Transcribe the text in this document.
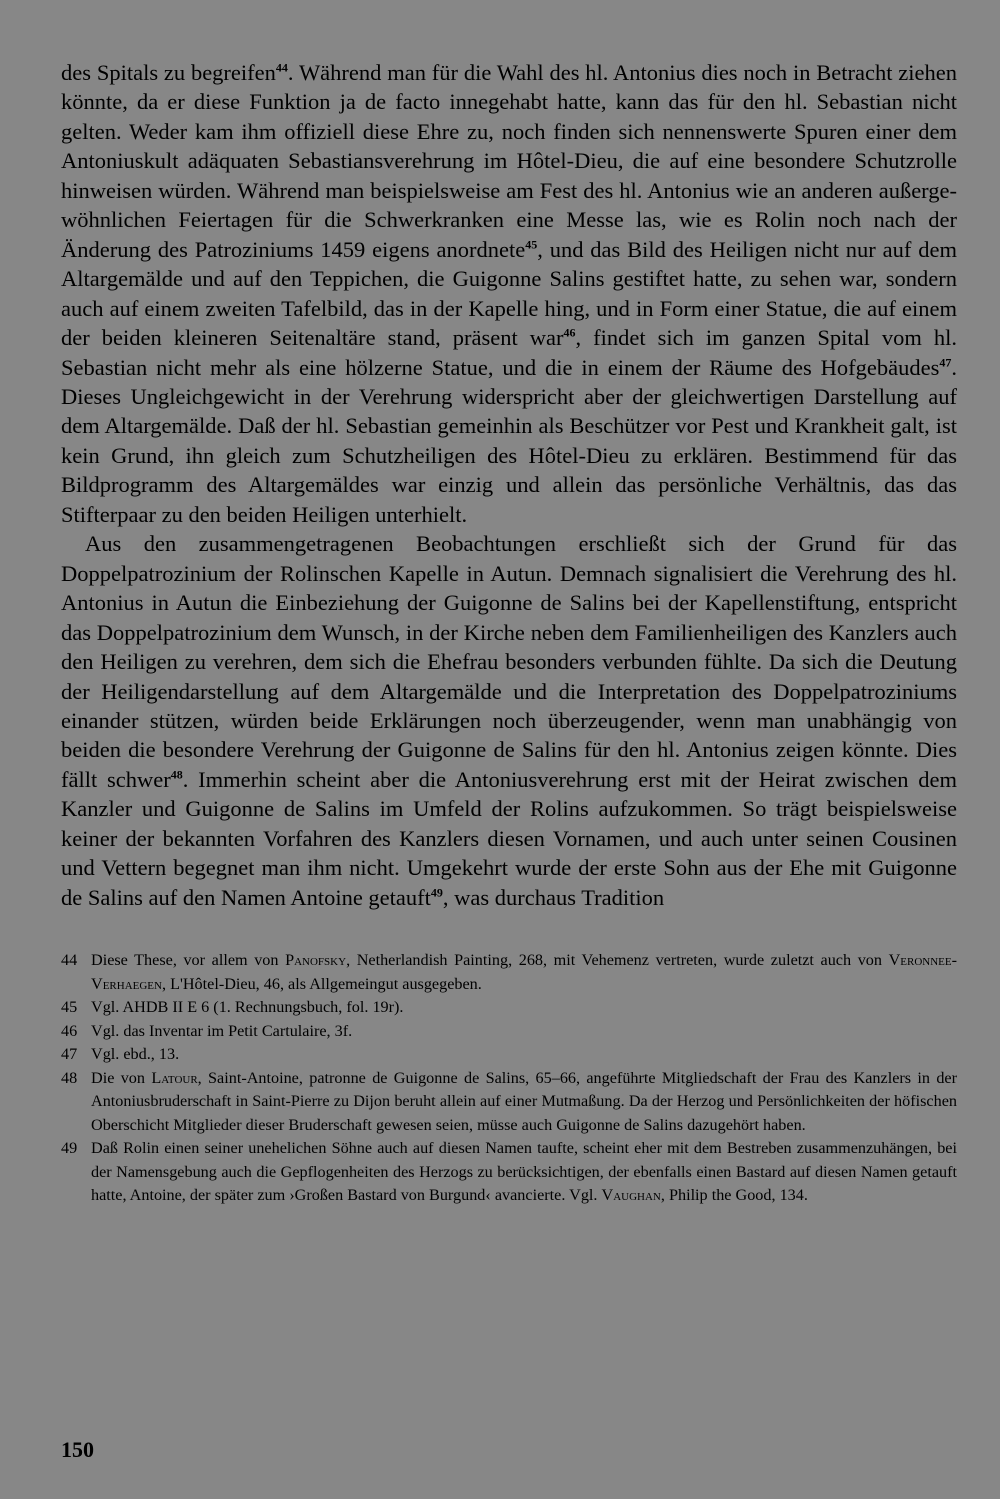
des Spitals zu begreifen$^{44}$. Während man für die Wahl des hl. Antonius dies noch in Betracht ziehen könnte, da er diese Funktion ja de facto innegehabt hatte, kann das für den hl. Sebastian nicht gelten. Weder kam ihm offiziell diese Ehre zu, noch finden sich nennenswerte Spuren einer dem Antoniuskult adäquaten Sebastiansverehrung im Hôtel-Dieu, die auf eine besondere Schutzrolle hinweisen würden. Während man beispielsweise am Fest des hl. Antonius wie an anderen außergewöhnlichen Feiertagen für die Schwerkranken eine Messe las, wie es Rolin noch nach der Änderung des Patroziniums 1459 eigens anordnete$^{45}$, und das Bild des Heiligen nicht nur auf dem Altargemälde und auf den Teppichen, die Guigonne Salins gestiftet hatte, zu sehen war, sondern auch auf einem zweiten Tafelbild, das in der Kapelle hing, und in Form einer Statue, die auf einem der beiden kleineren Seitenaltäre stand, präsent war$^{46}$, findet sich im ganzen Spital vom hl. Sebastian nicht mehr als eine hölzerne Statue, und die in einem der Räume des Hofgebäudes$^{47}$. Dieses Ungleichgewicht in der Verehrung widerspricht aber der gleichwertigen Darstellung auf dem Altargemälde. Daß der hl. Sebastian gemeinhin als Beschützer vor Pest und Krankheit galt, ist kein Grund, ihn gleich zum Schutzheiligen des Hôtel-Dieu zu erklären. Bestimmend für das Bildprogramm des Altargemäldes war einzig und allein das persönliche Verhältnis, das das Stifterpaar zu den beiden Heiligen unterhielt.

Aus den zusammengetragenen Beobachtungen erschließt sich der Grund für das Doppelpatrozinium der Rolinschen Kapelle in Autun. Demnach signalisiert die Verehrung des hl. Antonius in Autun die Einbeziehung der Guigonne de Salins bei der Kapellenstiftung, entspricht das Doppelpatrozinium dem Wunsch, in der Kirche neben dem Familienheiligen des Kanzlers auch den Heiligen zu verehren, dem sich die Ehefrau besonders verbunden fühlte. Da sich die Deutung der Heiligendarstellung auf dem Altargemälde und die Interpretation des Doppelpatroziniums einander stützen, würden beide Erklärungen noch überzeugender, wenn man unabhängig von beiden die besondere Verehrung der Guigonne de Salins für den hl. Antonius zeigen könnte. Dies fällt schwer$^{48}$. Immerhin scheint aber die Antoniusverehrung erst mit der Heirat zwischen dem Kanzler und Guigonne de Salins im Umfeld der Rolins aufzukommen. So trägt beispielsweise keiner der bekannten Vorfahren des Kanzlers diesen Vornamen, und auch unter seinen Cousinen und Vettern begegnet man ihm nicht. Umgekehrt wurde der erste Sohn aus der Ehe mit Guigonne de Salins auf den Namen Antoine getauft$^{49}$, was durchaus Tradition

44 Diese These, vor allem von Panofsky, Netherlandish Painting, 268, mit Vehemenz vertreten, wurde zuletzt auch von Veronnee-Verhaegen, L'Hôtel-Dieu, 46, als Allgemeingut ausgegeben.
45 Vgl. AHDB II E 6 (1. Rechnungsbuch, fol. 19r).
46 Vgl. das Inventar im Petit Cartulaire, 3f.
47 Vgl. ebd., 13.
48 Die von Latour, Saint-Antoine, patronne de Guigonne de Salins, 65–66, angeführte Mitgliedschaft der Frau des Kanzlers in der Antoniusbruderschaft in Saint-Pierre zu Dijon beruht allein auf einer Mutmaßung. Da der Herzog und Persönlichkeiten der höfischen Oberschicht Mitglieder dieser Bruderschaft gewesen seien, müsse auch Guigonne de Salins dazugehört haben.
49 Daß Rolin einen seiner unehelichen Söhne auch auf diesen Namen taufte, scheint eher mit dem Bestreben zusammenzuhängen, bei der Namensgebung auch die Gepflogenheiten des Herzogs zu berücksichtigen, der ebenfalls einen Bastard auf diesen Namen getauft hatte, Antoine, der später zum ›Großen Bastard von Burgund‹ avancierte. Vgl. Vaughan, Philip the Good, 134.
150
